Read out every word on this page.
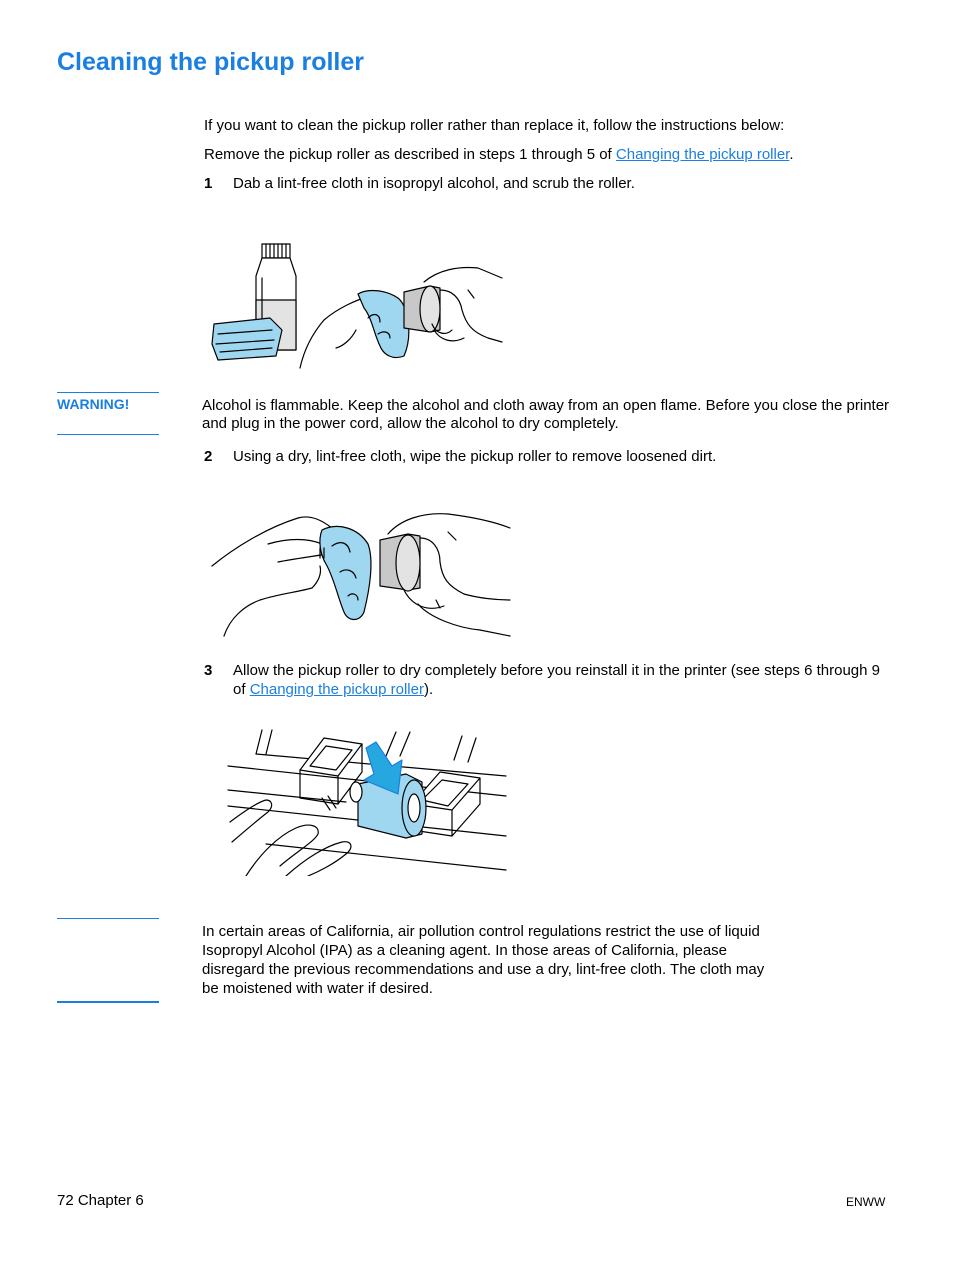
Cleaning the pickup roller
If you want to clean the pickup roller rather than replace it, follow the instructions below:
Remove the pickup roller as described in steps 1 through 5 of Changing the pickup roller.
1 Dab a lint-free cloth in isopropyl alcohol, and scrub the roller.
WARNING!	Alcohol is flammable. Keep the alcohol and cloth away from an open flame. Before you close the printer and plug in the power cord, allow the alcohol to dry completely.
2 Using a dry, lint-free cloth, wipe the pickup roller to remove loosened dirt.
3 Allow the pickup roller to dry completely before you reinstall it in the printer (see steps 6 through 9 of Changing the pickup roller).
In certain areas of California, air pollution control regulations restrict the use of liquid Isopropyl Alcohol (IPA) as a cleaning agent. In those areas of California, please disregard the previous recommendations and use a dry, lint-free cloth. The cloth may be moistened with water if desired.
72 Chapter 6	ENWW
